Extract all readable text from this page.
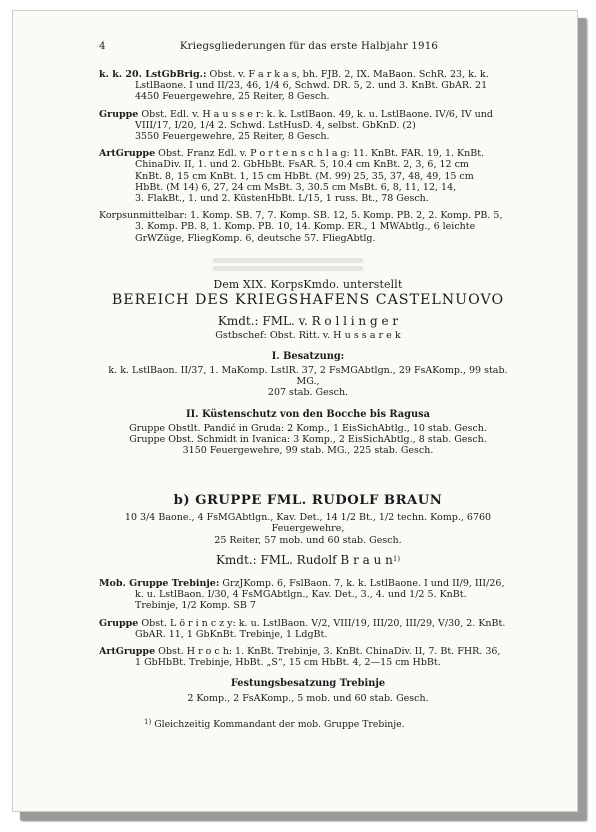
4	Kriegsgliederungen für das erste Halbjahr 1916
k. k. 20. LstGbBrig.: Obst. v. F a r k a s, bh. FJB. 2, IX. MaBaon. SchR. 23, k. k.
LstlBaone. I und II/23, 46, 1/4 6, Schwd. DR. 5, 2. und 3. KnBt. GbAR. 21
4450 Feuergewehre, 25 Reiter, 8 Gesch.
Gruppe Obst. Edl. v. H a u s s e r: k. k. LstlBaon. 49, k. u. LstlBaone. IV/6, IV und
VIII/17, I/20, 1/4 2. Schwd. LstHusD. 4, selbst. GbKnD. (2)
3550 Feuergewehre, 25 Reiter, 8 Gesch.
ArtGruppe Obst. Franz Edl. v. P o r t e n s c h l a g: 11. KnBt. FAR. 19, 1. KnBt.
ChinaDiv. II, 1. und 2. GbHbBt. FsAR. 5, 10.4 cm KnBt. 2, 3, 6, 12 cm
KnBt. 8, 15 cm KnBt. 1, 15 cm HbBt. (M. 99) 25, 35, 37, 48, 49, 15 cm
HbBt. (M 14) 6, 27, 24 cm MsBt. 3, 30.5 cm MsBt. 6, 8, 11, 12, 14,
3. FlakBt., 1. und 2. KüstenHbBt. L/15, 1 russ. Bt., 78 Gesch.
Korpsunmittelbar: 1. Komp. SB. 7, 7. Komp. SB. 12, 5. Komp. PB. 2, 2. Komp. PB. 5,
3. Komp. PB. 8, 1. Komp. PB. 10, 14. Komp. ER., 1 MWAbtlg., 6 leichte
GrWZüge, FliegKomp. 6, deutsche 57. FliegAbtlg.
Dem XIX. KorpsKmdo. unterstellt
BEREICH DES KRIEGSHAFENS CASTELNUOVO
Kmdt.: FML. v. R o l l i n g e r
Gstbschef: Obst. Ritt. v. H u s s a r e k
I. Besatzung:
k. k. LstlBaon. II/37, 1. MaKomp. LstlR. 37, 2 FsMGAbtlgn., 29 FsAKomp., 99 stab. MG.,
207 stab. Gesch.
II. Küstenschutz von den Bocche bis Ragusa
Gruppe Obstlt. Pandić in Gruda: 2 Komp., 1 EisSichAbtlg., 10 stab. Gesch.
Gruppe Obst. Schmidt in Ivanica: 3 Komp., 2 EisSichAbtlg., 8 stab. Gesch.
3150 Feuergewehre, 99 stab. MG., 225 stab. Gesch.
b) GRUPPE FML. RUDOLF BRAUN
10 3/4 Baone., 4 FsMGAbtlgn., Kav. Det., 14 1/2 Bt., 1/2 techn. Komp., 6760 Feuergewehre,
25 Reiter, 57 mob. und 60 stab. Gesch.
Kmdt.: FML. Rudolf B r a u $n^{1)}$
Mob. Gruppe Trebinje: GrzJKomp. 6, FslBaon. 7, k. k. LstlBaone. I und II/9, III/26,
k. u. LstlBaon. I/30, 4 FsMGAbtlgn., Kav. Det., 3., 4. und 1/2 5. KnBt.
Trebinje, 1/2 Komp. SB 7
Gruppe Obst. L ö r i n c z y: k. u. LstlBaon. V/2, VIII/19, III/20, III/29, V/30, 2. KnBt.
GbAR. 11, 1 GbKnBt. Trebinje, 1 LdgBt.
ArtGruppe Obst. H r o c h: 1. KnBt. Trebinje, 3. KnBt. ChinaDiv. II, 7. Bt. FHR. 36,
1 GbHbBt. Trebinje, HbBt. „S“, 15 cm HbBt. 4, 2—15 cm HbBt.
Festungsbesatzung Trebinje
2 Komp., 2 FsAKomp., 5 mob. und 60 stab. Gesch.
$^{1)}$ Gleichzeitig Kommandant der mob. Gruppe Trebinje.
